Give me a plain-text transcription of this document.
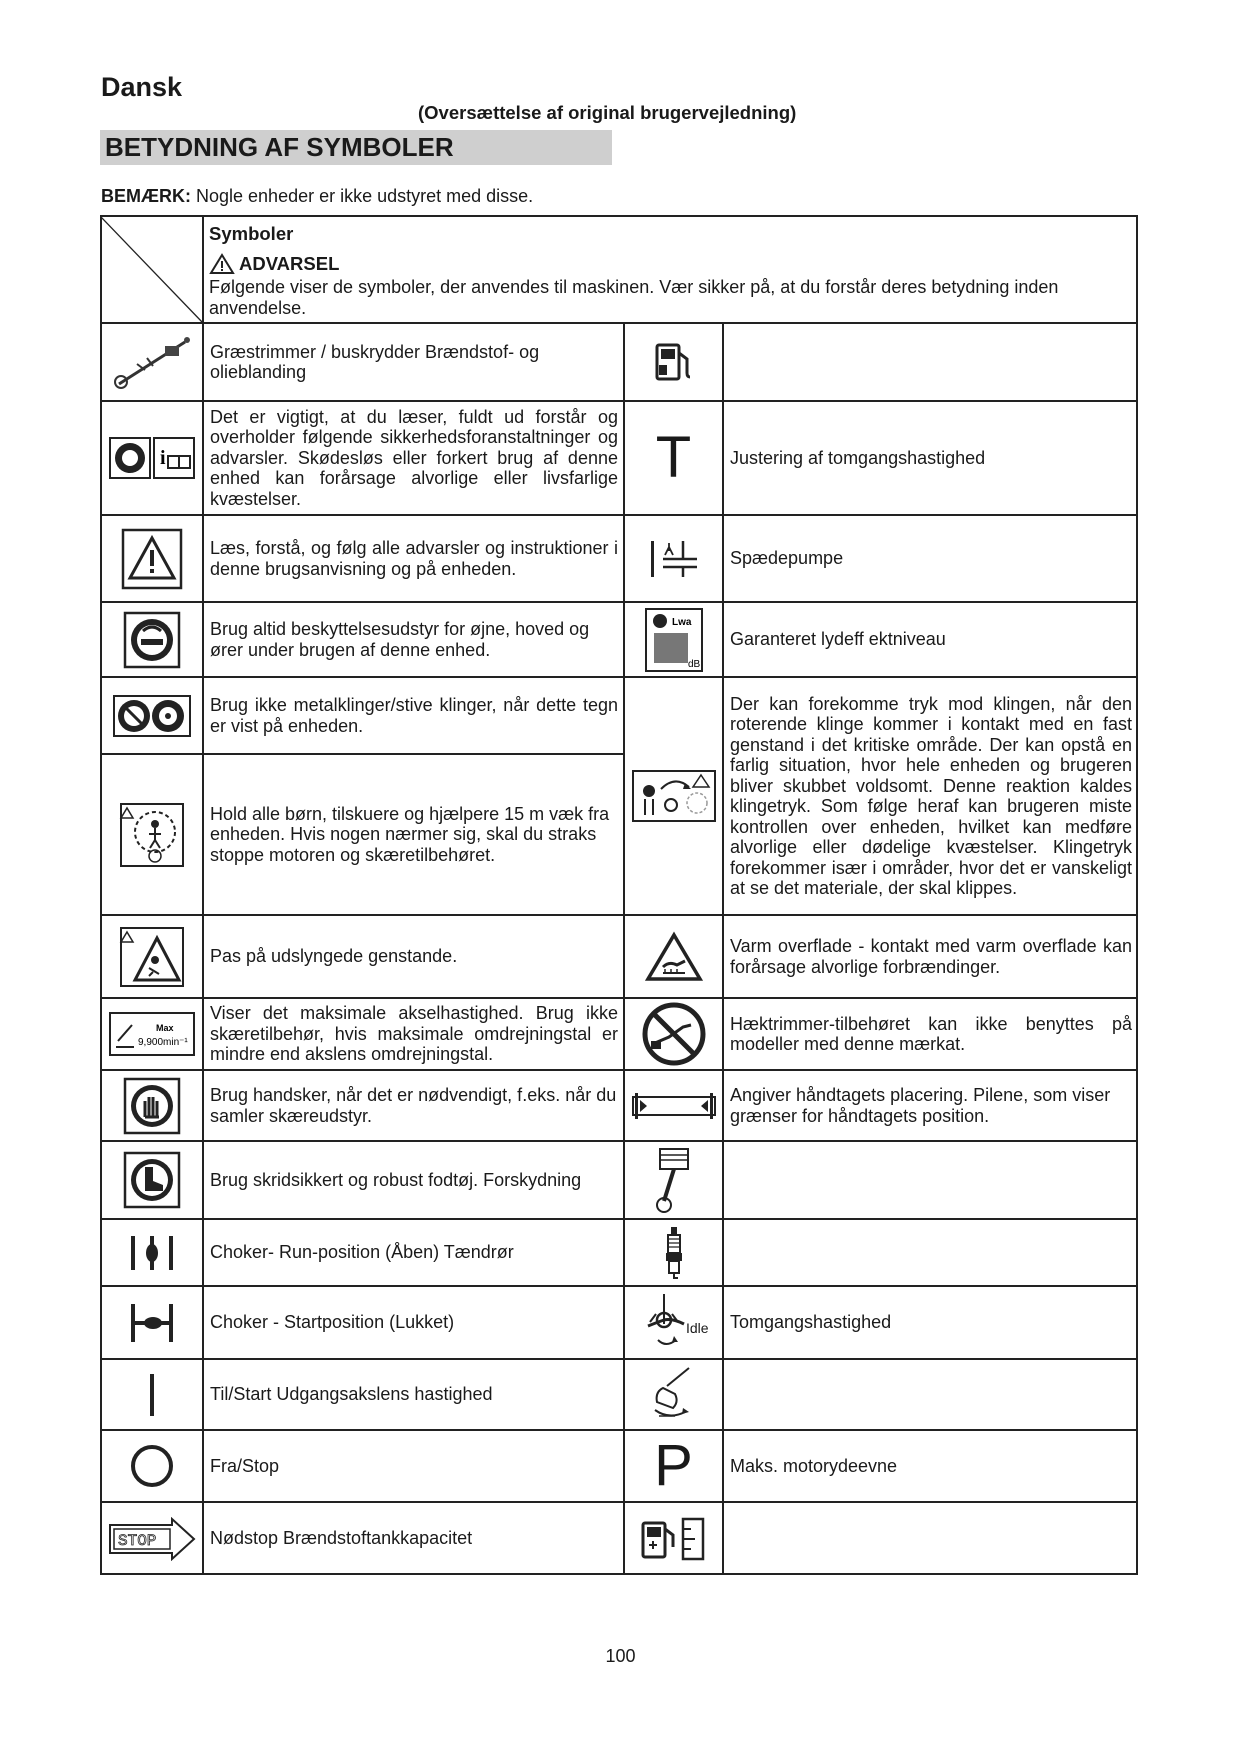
Dansk
(Oversættelse af original brugervejledning)
BETYDNING AF SYMBOLER
BEMÆRK: Nogle enheder er ikke udstyret med disse.
Symboler
ADVARSEL
Følgende viser de symboler, der anvendes til maskinen. Vær sikker på, at du forstår deres betydning inden anvendelse.
i
Max
9,900min⁻¹
STOP
Græstrimmer / buskrydder Brændstof- og olieblanding
Det er vigtigt, at du læser, fuldt ud forstår og overholder følgende sikkerhedsforanstaltninger og advarsler. Skødesløs eller forkert brug af denne enhed kan forårsage alvorlige eller livsfarlige kvæstelser.
Læs, forstå, og følg alle advarsler og instruktioner i denne brugsanvisning og på enheden.
Brug altid beskyttelsesudstyr for øjne, hoved og ører under brugen af denne enhed.
Brug ikke metalklinger/stive klinger, når dette tegn er vist på enheden.
Hold alle børn, tilskuere og hjælpere 15 m væk fra enheden. Hvis nogen nærmer sig, skal du straks stoppe motoren og skæretilbehøret.
Pas på udslyngede genstande.
Viser det maksimale akselhastighed. Brug ikke skæretilbehør, hvis maksimale omdrejningstal er mindre end akslens omdrejningstal.
Brug handsker, når det er nødvendigt, f.eks. når du samler skæreudstyr.
Brug skridsikkert og robust fodtøj. Forskydning
Choker- Run-position (Åben) Tændrør
Choker - Startposition (Lukket)
Til/Start Udgangsakslens hastighed
Fra/Stop
Nødstop Brændstoftankkapacitet
T
Lwa
dB
Idle
P
Justering af tomgangshastighed
Spædepumpe
Garanteret lydeff ektniveau
Der kan forekomme tryk mod klingen, når den roterende klinge kommer i kontakt med en fast genstand i det kritiske område. Der kan opstå en farlig situation, hvor hele enheden og brugeren bliver skubbet voldsomt. Denne reaktion kaldes klingetryk. Som følge heraf kan brugeren miste kontrollen over enheden, hvilket kan medføre alvorlige eller dødelige kvæstelser. Klingetryk forekommer især i områder, hvor det er vanskeligt at se det materiale, der skal klippes.
Varm overflade - kontakt med varm overflade kan forårsage alvorlige forbrændinger.
Hæktrimmer-tilbehøret kan ikke benyttes på modeller med denne mærkat.
Angiver håndtagets placering. Pilene, som viser grænser for håndtagets position.
Tomgangshastighed
Maks. motorydeevne
100
